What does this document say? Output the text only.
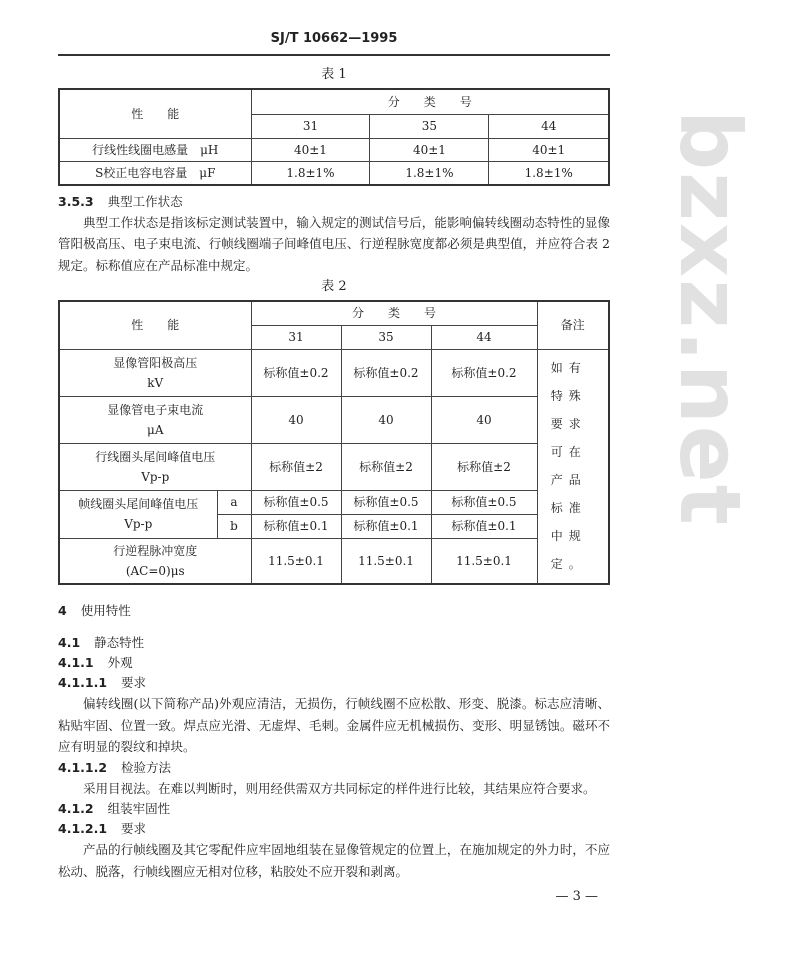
bzxz.net
SJ/T 10662—1995
表 1
性　　能	分　　类　　号		
	31	35	44
行线性线圈电感量　μH	40±1	40±1	40±1
S校正电容电容量　μF	1.8±1%	1.8±1%	1.8±1%
3.5.3 典型工作状态
典型工作状态是指该标定测试装置中，输入规定的测试信号后，能影响偏转线圈动态特性的显像管阳极高压、电子束电流、行帧线圈端子间峰值电压、行逆程脉宽度都必须是典型值，并应符合表 2 规定。标称值应在产品标准中规定。
表 2
性　　能		分　　类　　号			备注
		31	35	44	

显像管阳极高压
kV		标称值±0.2	标称值±0.2	标称值±0.2	如有特殊要求可在产品标准中规定。

显像管电子束电流
μA		40	40	40	

行线圈头尾间峰值电压
Vp-p		标称值±2	标称值±2	标称值±2	

帧线圈头尾间峰值电压
Vp-p	a	标称值±0.5	标称值±0.5	标称值±0.5	
	b	标称值±0.1	标称值±0.1	标称值±0.1	

行逆程脉冲宽度
(AC=0)μs		11.5±0.1	11.5±0.1	11.5±0.1	
4 使用特性
4.1 静态特性
4.1.1 外观
4.1.1.1 要求
偏转线圈(以下简称产品)外观应清洁，无损伤，行帧线圈不应松散、形变、脱漆。标志应清晰、粘贴牢固、位置一致。焊点应光滑、无虚焊、毛刺。金属件应无机械损伤、变形、明显锈蚀。磁环不应有明显的裂纹和掉块。
4.1.1.2 检验方法
采用目视法。在难以判断时，则用经供需双方共同标定的样件进行比较，其结果应符合要求。
4.1.2 组装牢固性
4.1.2.1 要求
产品的行帧线圈及其它零配件应牢固地组装在显像管规定的位置上，在施加规定的外力时，不应松动、脱落，行帧线圈应无相对位移，粘胶处不应开裂和剥离。
— 3 —
